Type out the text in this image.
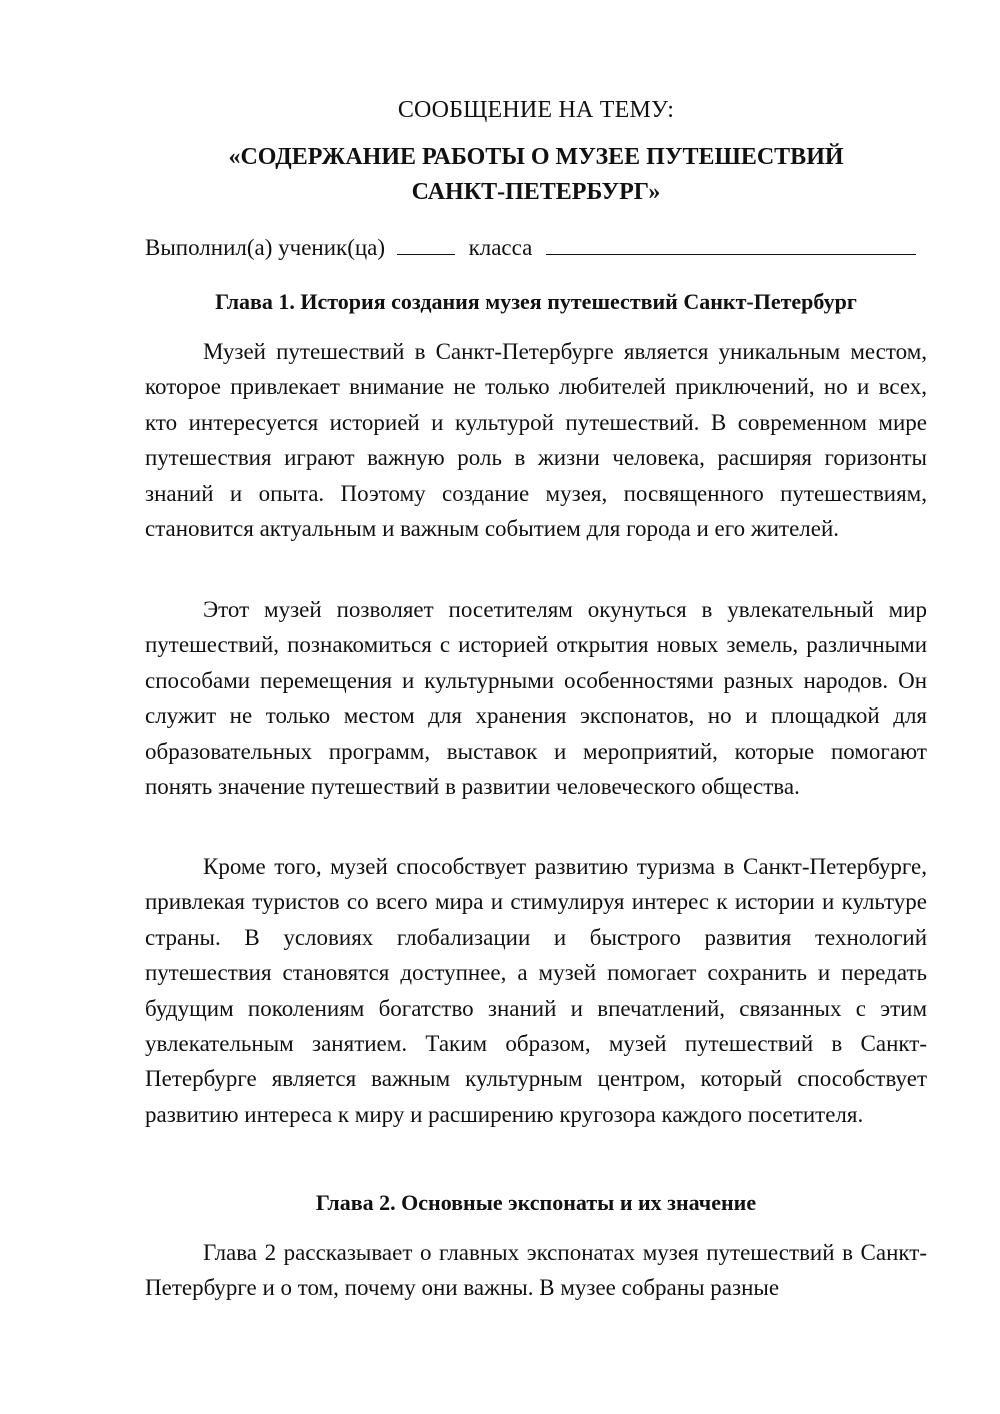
СООБЩЕНИЕ НА ТЕМУ:
«СОДЕРЖАНИЕ РАБОТЫ О МУЗЕЕ ПУТЕШЕСТВИЙ
САНКТ-ПЕТЕРБУРГ»
Выполнил(а) ученик(ца)	класса
Глава 1. История создания музея путешествий Санкт-Петербург

Музей путешествий в Санкт-Петербурге является уникальным местом, которое привлекает внимание не только любителей приключений, но и всех, кто интересуется историей и культурой путешествий. В современном мире путешествия играют важную роль в жизни человека, расширяя горизонты знаний и опыта. Поэтому создание музея, посвященного путешествиям, становится актуальным и важным событием для города и его жителей.

Этот музей позволяет посетителям окунуться в увлекательный мир путешествий, познакомиться с историей открытия новых земель, различными способами перемещения и культурными особенностями разных народов. Он служит не только местом для хранения экспонатов, но и площадкой для образовательных программ, выставок и мероприятий, которые помогают понять значение путешествий в развитии человеческого общества.

Кроме того, музей способствует развитию туризма в Санкт-Петербурге, привлекая туристов со всего мира и стимулируя интерес к истории и культуре страны. В условиях глобализации и быстрого развития технологий путешествия становятся доступнее, а музей помогает сохранить и передать будущим поколениям богатство знаний и впечатлений, связанных с этим увлекательным занятием. Таким образом, музей путешествий в Санкт-Петербурге является важным культурным центром, который способствует развитию интереса к миру и расширению кругозора каждого посетителя.

Глава 2. Основные экспонаты и их значение

Глава 2 рассказывает о главных экспонатах музея путешествий в Санкт-Петербурге и о том, почему они важны. В музее собраны разные
